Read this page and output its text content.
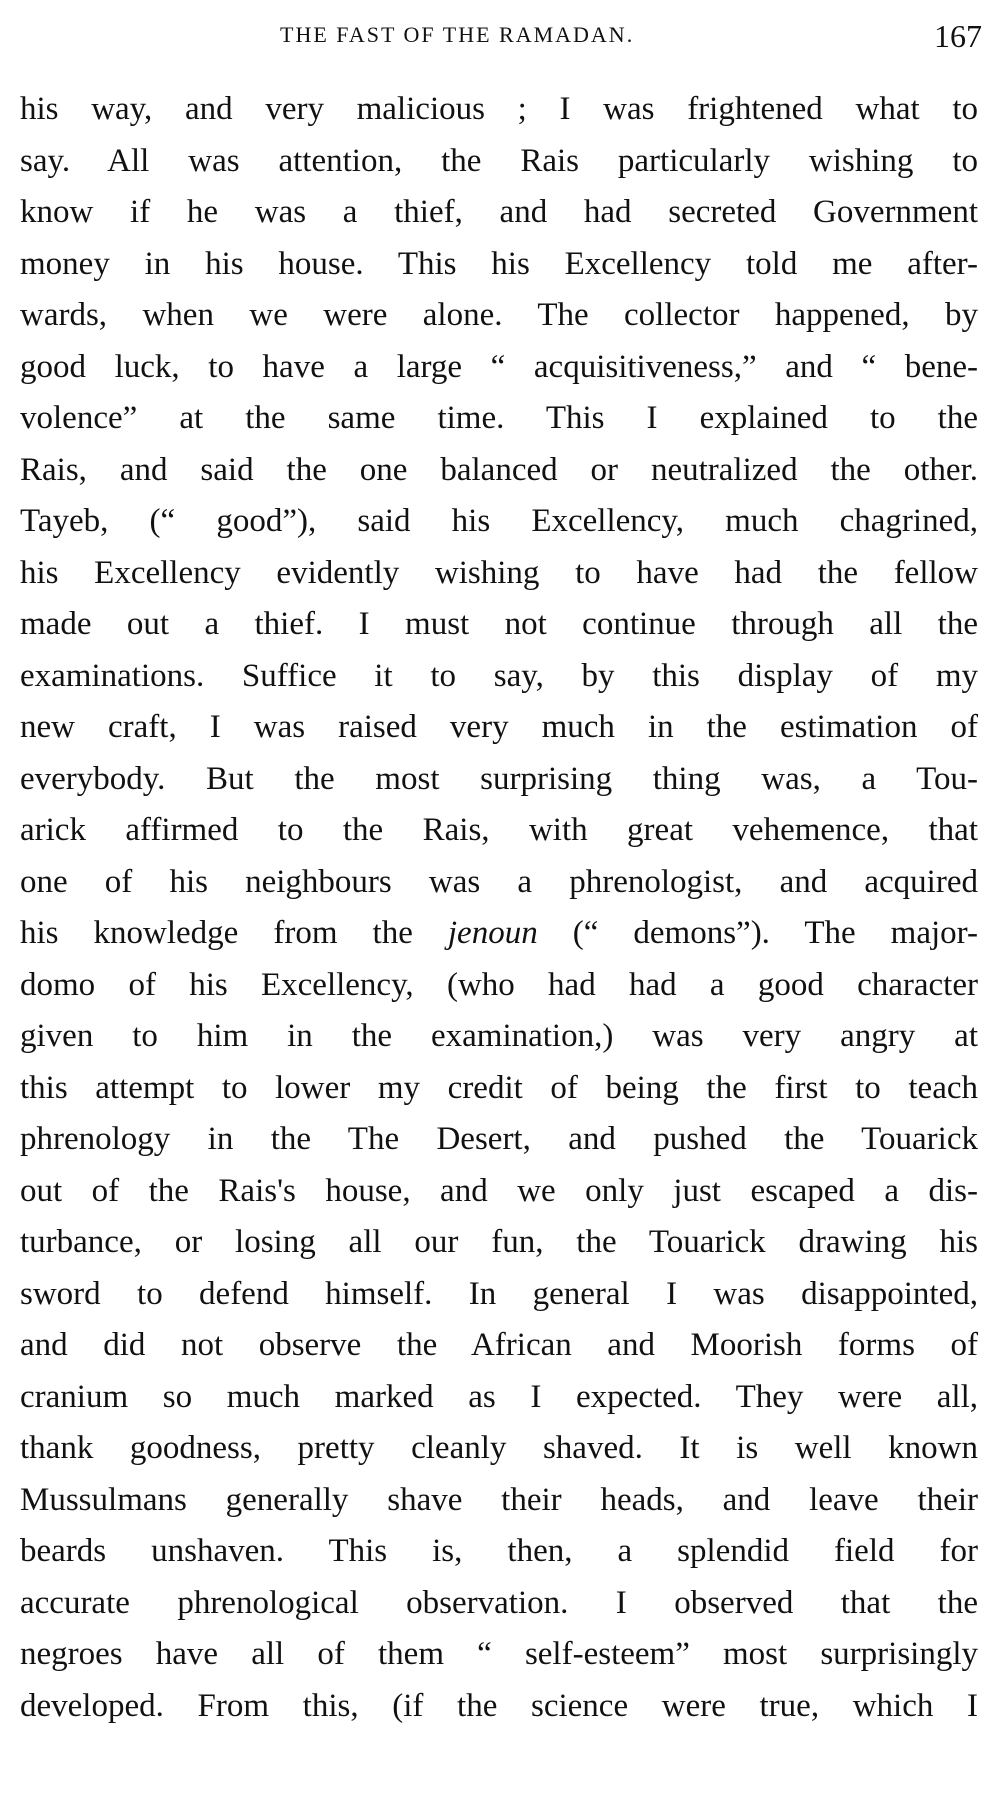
THE FAST OF THE RAMADAN.	167
his way, and very malicious ; I was frightened what to
say. All was attention, the Rais particularly wishing to
know if he was a thief, and had secreted Government
money in his house. This his Excellency told me after-
wards, when we were alone. The collector happened, by
good luck, to have a large “ acquisitiveness,” and “ bene-
volence” at the same time. This I explained to the
Rais, and said the one balanced or neutralized the other.
Tayeb, (“ good”), said his Excellency, much chagrined,
his Excellency evidently wishing to have had the fellow
made out a thief. I must not continue through all the
examinations. Suffice it to say, by this display of my
new craft, I was raised very much in the estimation of
everybody. But the most surprising thing was, a Tou-
arick affirmed to the Rais, with great vehemence, that
one of his neighbours was a phrenologist, and acquired
his knowledge from the jenoun (“ demons”). The major-
domo of his Excellency, (who had had a good character
given to him in the examination,) was very angry at
this attempt to lower my credit of being the first to teach
phrenology in the The Desert, and pushed the Touarick
out of the Rais's house, and we only just escaped a dis-
turbance, or losing all our fun, the Touarick drawing his
sword to defend himself. In general I was disappointed,
and did not observe the African and Moorish forms of
cranium so much marked as I expected. They were all,
thank goodness, pretty cleanly shaved. It is well known
Mussulmans generally shave their heads, and leave their
beards unshaven. This is, then, a splendid field for
accurate phrenological observation. I observed that the
negroes have all of them “ self-esteem” most surprisingly
developed. From this, (if the science were true, which I
